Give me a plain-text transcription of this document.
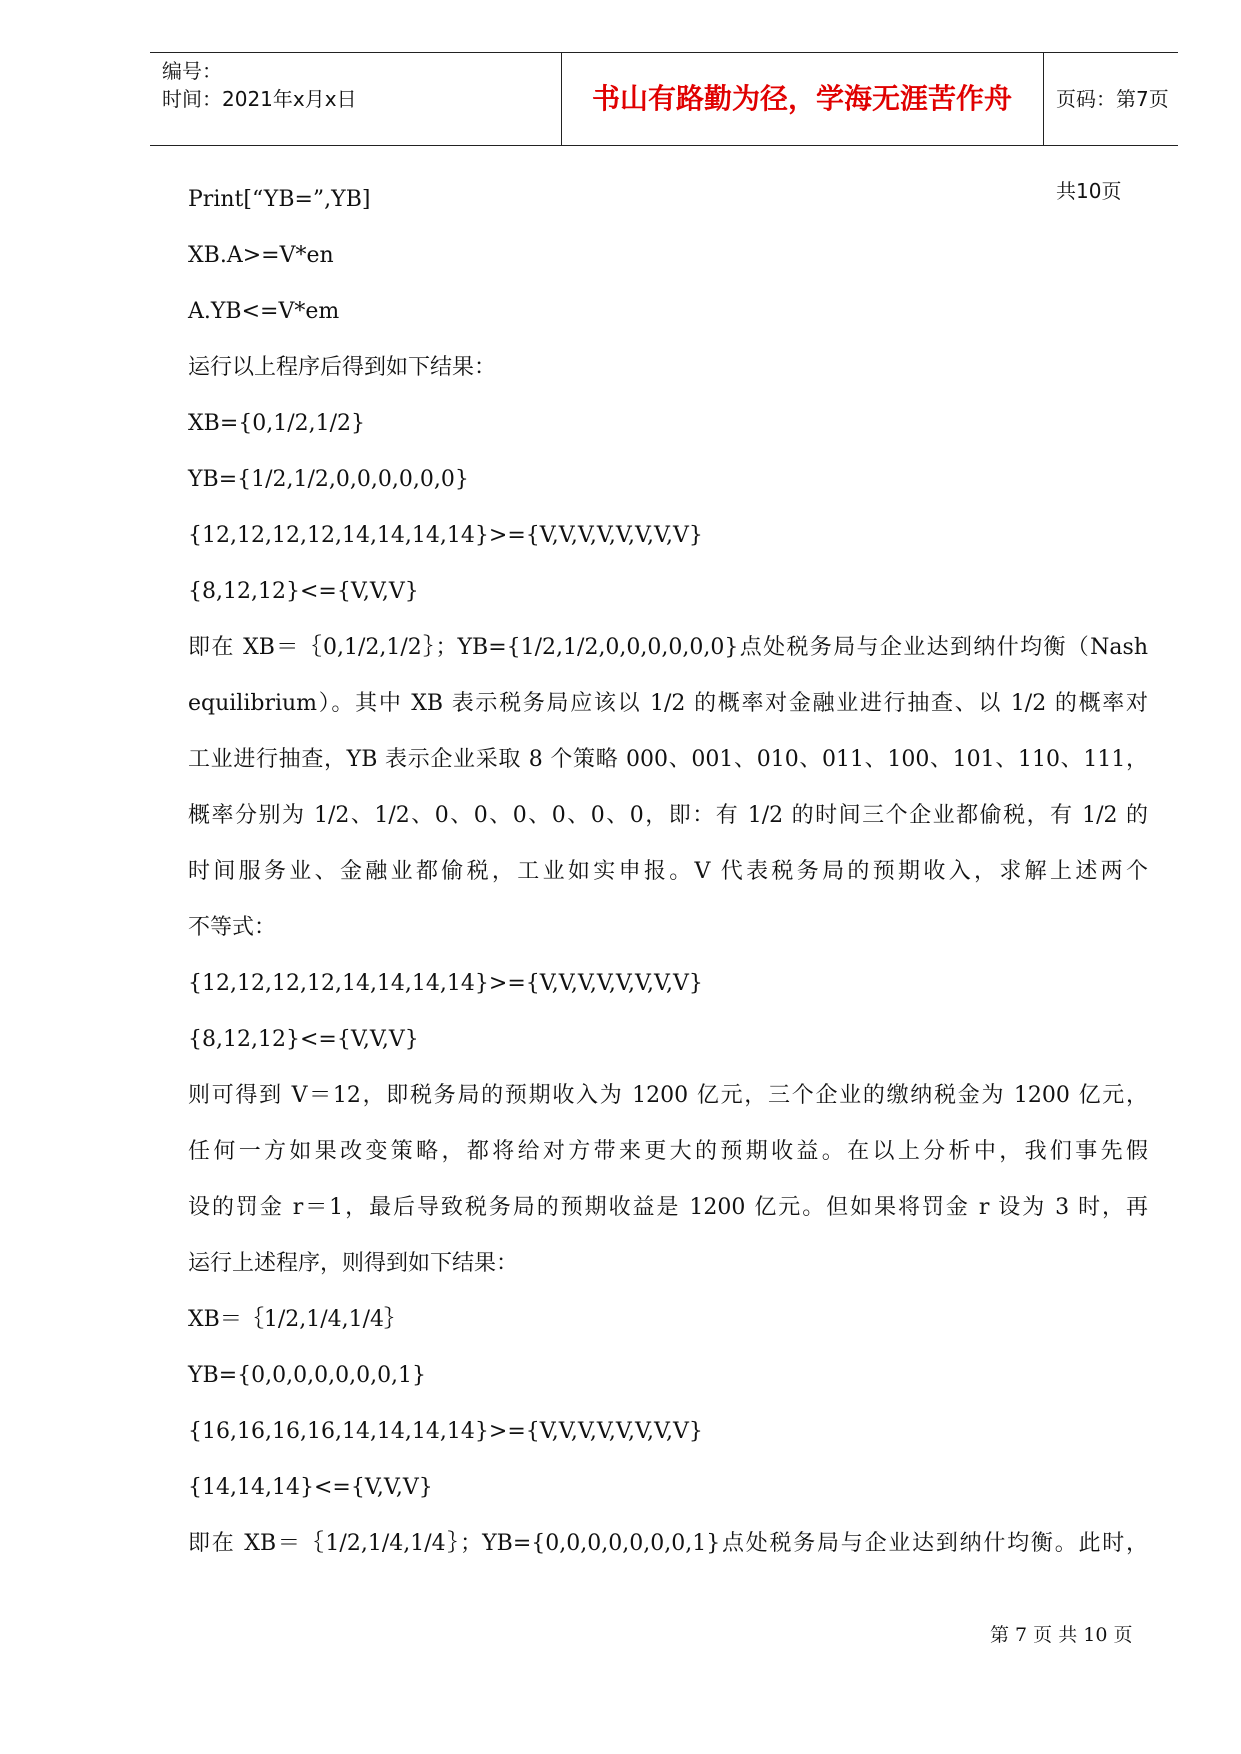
编号：
时间：2021年x月x日	书山有路勤为径，学海无涯苦作舟	页码：第7页 共10页
Print[“YB=”,YB]
XB.A>=V*en
A.YB<=V*em
运行以上程序后得到如下结果：
XB={0,1/2,1/2}
YB={1/2,1/2,0,0,0,0,0,0}
{12,12,12,12,14,14,14,14}>={V,V,V,V,V,V,V,V}
{8,12,12}<={V,V,V}
即在 XB＝｛0,1/2,1/2｝；YB={1/2,1/2,0,0,0,0,0,0}点处税务局与企业达到纳什均衡（Nash
equilibrium）。其中 XB 表示税务局应该以 1/2 的概率对金融业进行抽查、以 1/2 的概率对
工业进行抽查，YB 表示企业采取 8 个策略 000、001、010、011、100、101、110、111，
概率分别为 1/2、1/2、0、0、0、0、0、0，即：有 1/2 的时间三个企业都偷税，有 1/2 的
时间服务业、金融业都偷税，工业如实申报。V 代表税务局的预期收入，求解上述两个
不等式：
{12,12,12,12,14,14,14,14}>={V,V,V,V,V,V,V,V}
{8,12,12}<={V,V,V}
则可得到 V＝12，即税务局的预期收入为 1200 亿元，三个企业的缴纳税金为 1200 亿元，
任何一方如果改变策略，都将给对方带来更大的预期收益。在以上分析中，我们事先假
设的罚金 r＝1，最后导致税务局的预期收益是 1200 亿元。但如果将罚金 r 设为 3 时，再
运行上述程序，则得到如下结果：
XB＝｛1/2,1/4,1/4｝
YB={0,0,0,0,0,0,0,1}
{16,16,16,16,14,14,14,14}>={V,V,V,V,V,V,V,V}
{14,14,14}<={V,V,V}
即在 XB＝｛1/2,1/4,1/4｝；YB={0,0,0,0,0,0,0,1}点处税务局与企业达到纳什均衡。此时，
第 7 页 共 10 页
